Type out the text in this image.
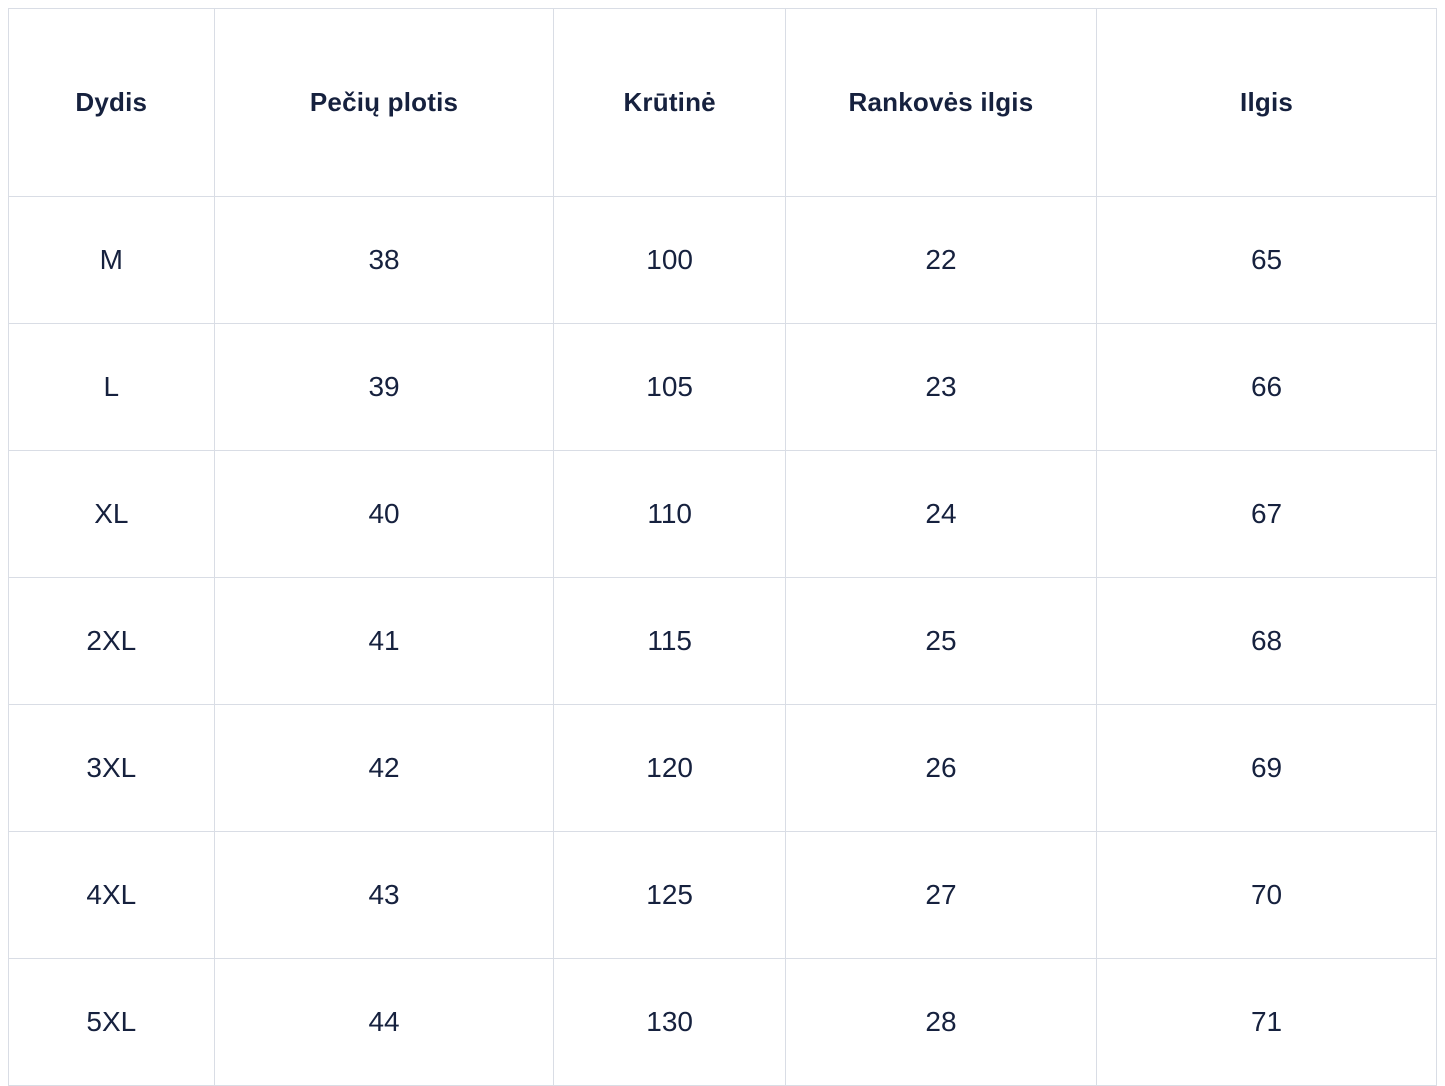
Dydis	Pečių plotis	Krūtinė	Rankovės ilgis	Ilgis
M	38	100	22	65
L	39	105	23	66
XL	40	110	24	67
2XL	41	115	25	68
3XL	42	120	26	69
4XL	43	125	27	70
5XL	44	130	28	71
